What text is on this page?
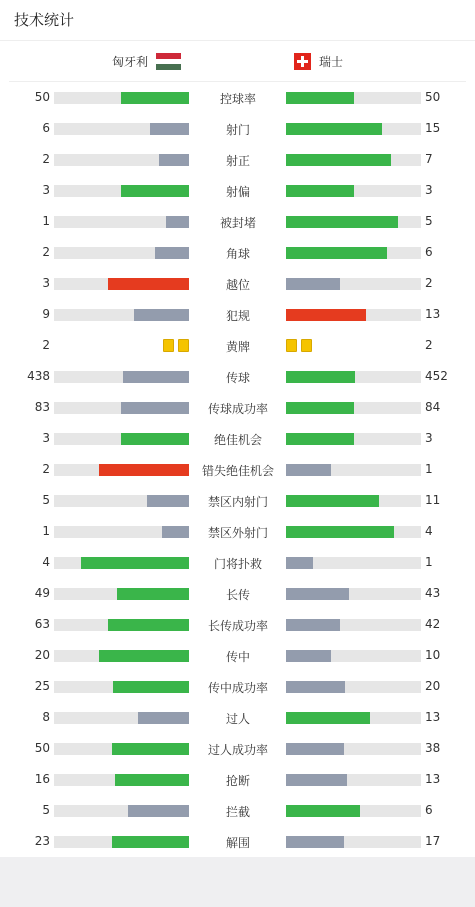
技术统计
匈牙利	瑞士
50	控球率	50
6	射门	15
2	射正	7
3	射偏	3
1	被封堵	5
2	角球	6
3	越位	2
9	犯规	13
2	黄牌	2
438	传球	452
83	传球成功率	84
3	绝佳机会	3
2	错失绝佳机会	1
5	禁区内射门	11
1	禁区外射门	4
4	门将扑救	1
49	长传	43
63	长传成功率	42
20	传中	10
25	传中成功率	20
8	过人	13
50	过人成功率	38
16	抢断	13
5	拦截	6
23	解围	17
